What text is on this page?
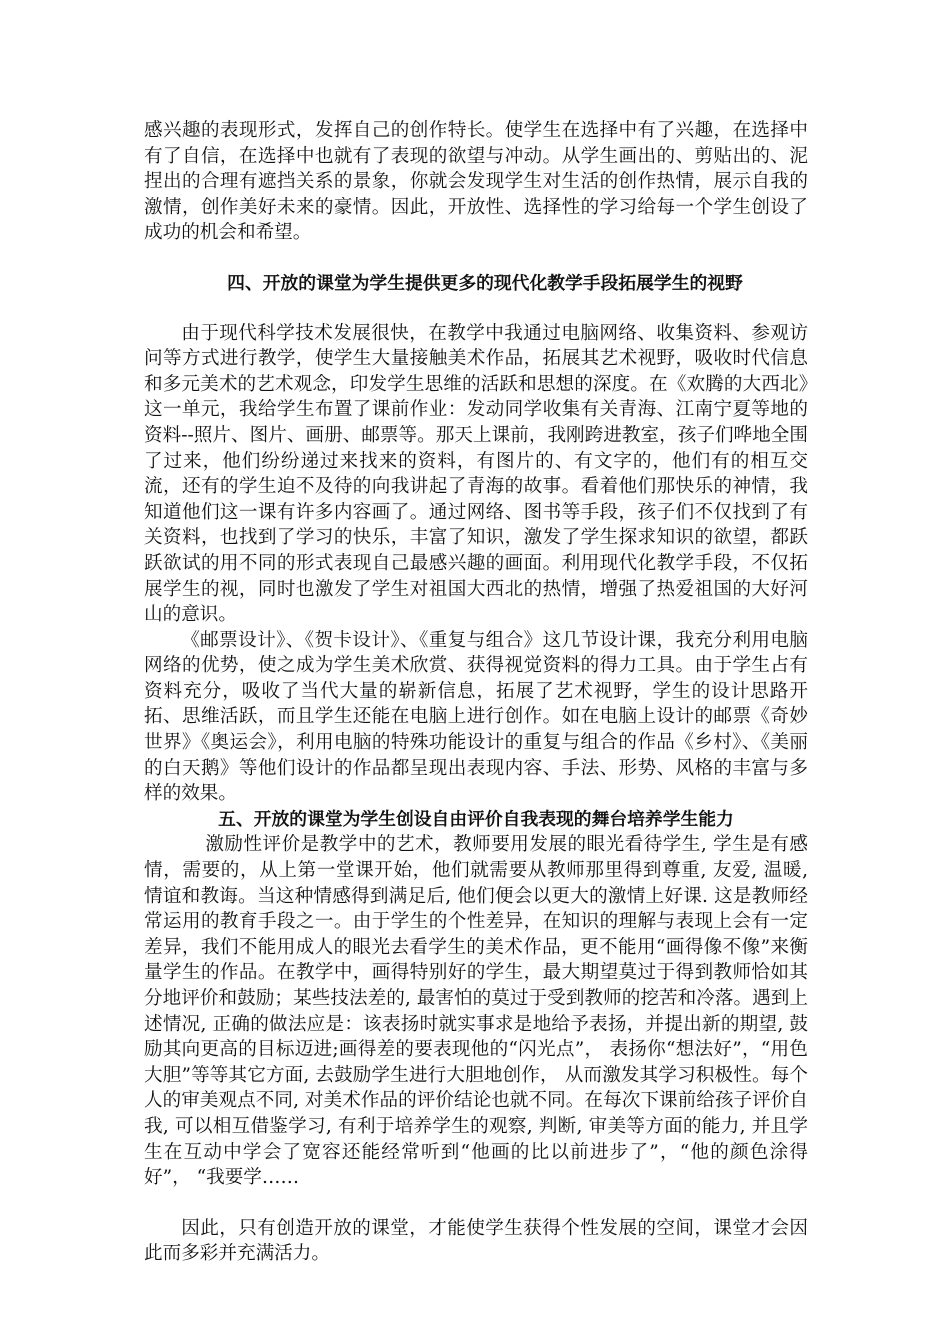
感兴趣的表现形式，发挥自己的创作特长。使学生在选择中有了兴趣，在选择中有了自信，在选择中也就有了表现的欲望与冲动。从学生画出的、剪贴出的、泥捏出的合理有遮挡关系的景象，你就会发现学生对生活的创作热情，展示自我的激情，创作美好未来的豪情。因此，开放性、选择性的学习给每一个学生创设了成功的机会和希望。

四、开放的课堂为学生提供更多的现代化教学手段拓展学生的视野

由于现代科学技术发展很快，在教学中我通过电脑网络、收集资料、参观访问等方式进行教学，使学生大量接触美术作品，拓展其艺术视野，吸收时代信息和多元美术的艺术观念，印发学生思维的活跃和思想的深度。在《欢腾的大西北》这一单元，我给学生布置了课前作业：发动同学收集有关青海、江南宁夏等地的资料--照片、图片、画册、邮票等。那天上课前，我刚跨进教室，孩子们哗地全围了过来，他们纷纷递过来找来的资料，有图片的、有文字的，他们有的相互交流，还有的学生迫不及待的向我讲起了青海的故事。看着他们那快乐的神情，我知道他们这一课有许多内容画了。通过网络、图书等手段，孩子们不仅找到了有关资料，也找到了学习的快乐，丰富了知识，激发了学生探求知识的欲望，都跃跃欲试的用不同的形式表现自己最感兴趣的画面。利用现代化教学手段，不仅拓展学生的视，同时也激发了学生对祖国大西北的热情，增强了热爱祖国的大好河山的意识。

《邮票设计》、《贺卡设计》、《重复与组合》这几节设计课，我充分利用电脑网络的优势，使之成为学生美术欣赏、获得视觉资料的得力工具。由于学生占有资料充分，吸收了当代大量的崭新信息，拓展了艺术视野，学生的设计思路开拓、思维活跃，而且学生还能在电脑上进行创作。如在电脑上设计的邮票《奇妙世界》《奥运会》，利用电脑的特殊功能设计的重复与组合的作品《乡村》、《美丽的白天鹅》等他们设计的作品都呈现出表现内容、手法、形势、风格的丰富与多样的效果。

五、开放的课堂为学生创设自由评价自我表现的舞台培养学生能力

激励性评价是教学中的艺术，教师要用发展的眼光看待学生, 学生是有感情，需要的，从上第一堂课开始，他们就需要从教师那里得到尊重, 友爱, 温暖, 情谊和教诲。当这种情感得到满足后, 他们便会以更大的激情上好课. 这是教师经常运用的教育手段之一。由于学生的个性差异，在知识的理解与表现上会有一定差异，我们不能用成人的眼光去看学生的美术作品，更不能用“画得像不像”来衡量学生的作品。在教学中，画得特别好的学生，最大期望莫过于得到教师恰如其分地评价和鼓励；某些技法差的, 最害怕的莫过于受到教师的挖苦和冷落。遇到上述情况, 正确的做法应是：该表扬时就实事求是地给予表扬，并提出新的期望, 鼓励其向更高的目标迈进;画得差的要表现他的“闪光点”， 表扬你“想法好”，“用色大胆”等等其它方面, 去鼓励学生进行大胆地创作， 从而激发其学习积极性。每个人的审美观点不同, 对美术作品的评价结论也就不同。在每次下课前给孩子评价自我, 可以相互借鉴学习, 有利于培养学生的观察, 判断, 审美等方面的能力, 并且学生在互动中学会了宽容还能经常听到“他画的比以前进步了”，“他的颜色涂得好”， “我要学……

因此，只有创造开放的课堂，才能使学生获得个性发展的空间，课堂才会因此而多彩并充满活力。
